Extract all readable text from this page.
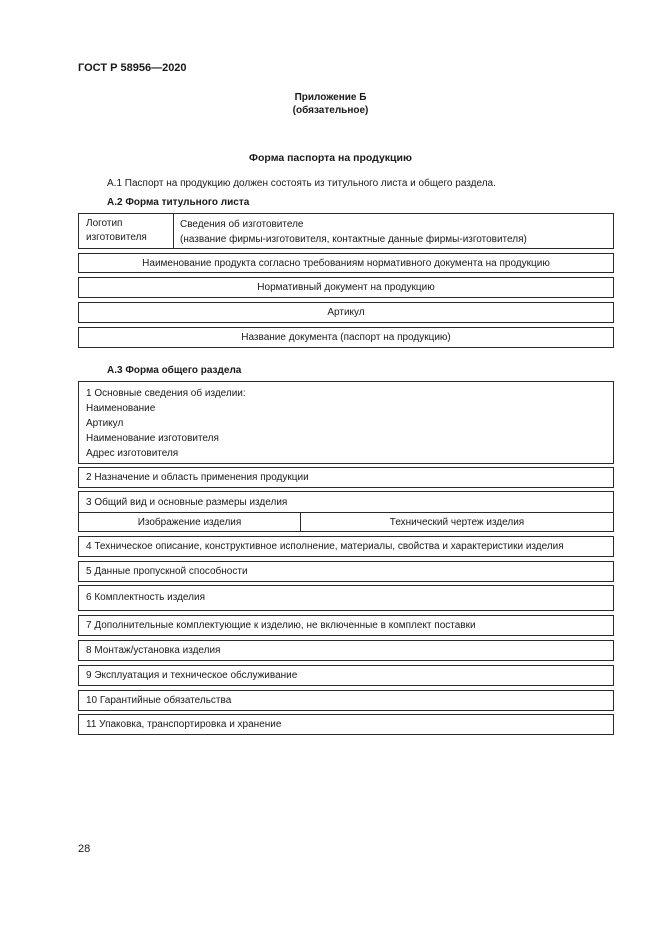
ГОСТ Р 58956—2020
Приложение Б
(обязательное)
Форма паспорта на продукцию
А.1 Паспорт на продукцию должен состоять из титульного листа и общего раздела.
А.2 Форма титульного листа
Логотип
изготовителя
Сведения об изготовителе
(название фирмы-изготовителя, контактные данные фирмы-изготовителя)
Наименование продукта согласно требованиям нормативного документа на продукцию
Нормативный документ на продукцию
Артикул
Название документа (паспорт на продукцию)
А.3 Форма общего раздела
1 Основные сведения об изделии:
Наименование
Артикул
Наименование изготовителя
Адрес изготовителя
2 Назначение и область применения продукции
3 Общий вид и основные размеры изделия
Изображение изделия	Технический чертеж изделия
4 Техническое описание, конструктивное исполнение, материалы, свойства и характеристики изделия
5 Данные пропускной способности
6 Комплектность изделия
7 Дополнительные комплектующие к изделию, не включенные в комплект поставки
8 Монтаж/установка изделия
9 Эксплуатация и техническое обслуживание
10 Гарантийные обязательства
11 Упаковка, транспортировка и хранение
28
